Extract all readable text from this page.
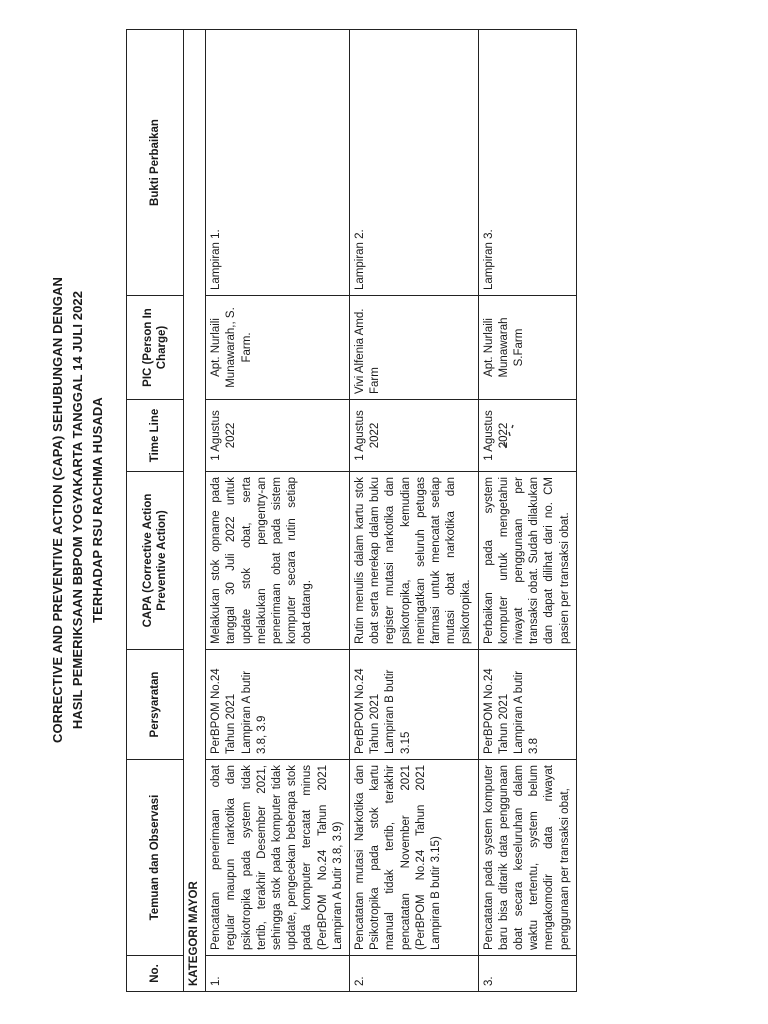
CORRECTIVE AND PREVENTIVE ACTION (CAPA) SEHUBUNGAN DENGAN HASIL PEMERIKSAAN BBPOM YOGYAKARTA TANGGAL 14 JULI 2022 TERHADAP RSU RACHMA HUSADA
No.	Temuan dan Observasi	Persyaratan	CAPA (Corrective Action Preventive Action)	Time Line	PIC (Person In Charge)	Bukti Perbaikan
KATEGORI MAYOR						
1.	Pencatatan penerimaan obat regular maupun narkotika dan psikotropika pada system tidak tertib, terakhir Desember 2021, sehingga stok pada komputer tidak update, pengecekan beberapa stok pada komputer tercatat minus (PerBPOM No.24 Tahun 2021 Lampiran A butir 3.8, 3.9)	PerBPOM No.24 Tahun 2021 Lampiran A butir 3.8, 3.9	Melakukan stok opname pada tanggal 30 Juli 2022 untuk update stok obat, serta melakukan pengentry-an penerimaan obat pada sistem komputer secara rutin setiap obat datang.	1 Agustus 2022	Apt. Nurlaili Munawarah,, S. Farm.	Lampiran 1.
2.	Pencatatan mutasi Narkotika dan Psikotropika pada stok kartu manual tidak tertib, terakhir pencatatan November 2021 (PerBPOM No.24 Tahun 2021 Lampiran B butir 3.15)	PerBPOM No.24 Tahun 2021 Lampiran B butir 3.15	Rutin menulis dalam kartu stok obat serta merekap dalam buku register mutasi narkotika dan psikotropika, kemudian meningatkan seluruh petugas farmasi untuk mencatat setiap mutasi obat narkotika dan psikotropika.	1 Agustus 2022	Vivi Alfenia Amd. Farm	Lampiran 2.
3.	Pencatatan pada system komputer baru bisa ditarik data penggunaan obat secara keseluruhan dalam waktu tertentu, system belum mengakomodir data riwayat penggunaan per transaksi obat,	PerBPOM No.24 Tahun 2021 Lampiran A butir 3.8	Perbaikan pada system komputer untuk mengetahui riwayat penggunaan per transaksi obat. Sudah dilakukan dan dapat dilihat dari no. CM pasien per transaksi obat.	1 Agustus 2022	Apt. Nurlaili Munawarah S.Farm	Lampiran 3.
